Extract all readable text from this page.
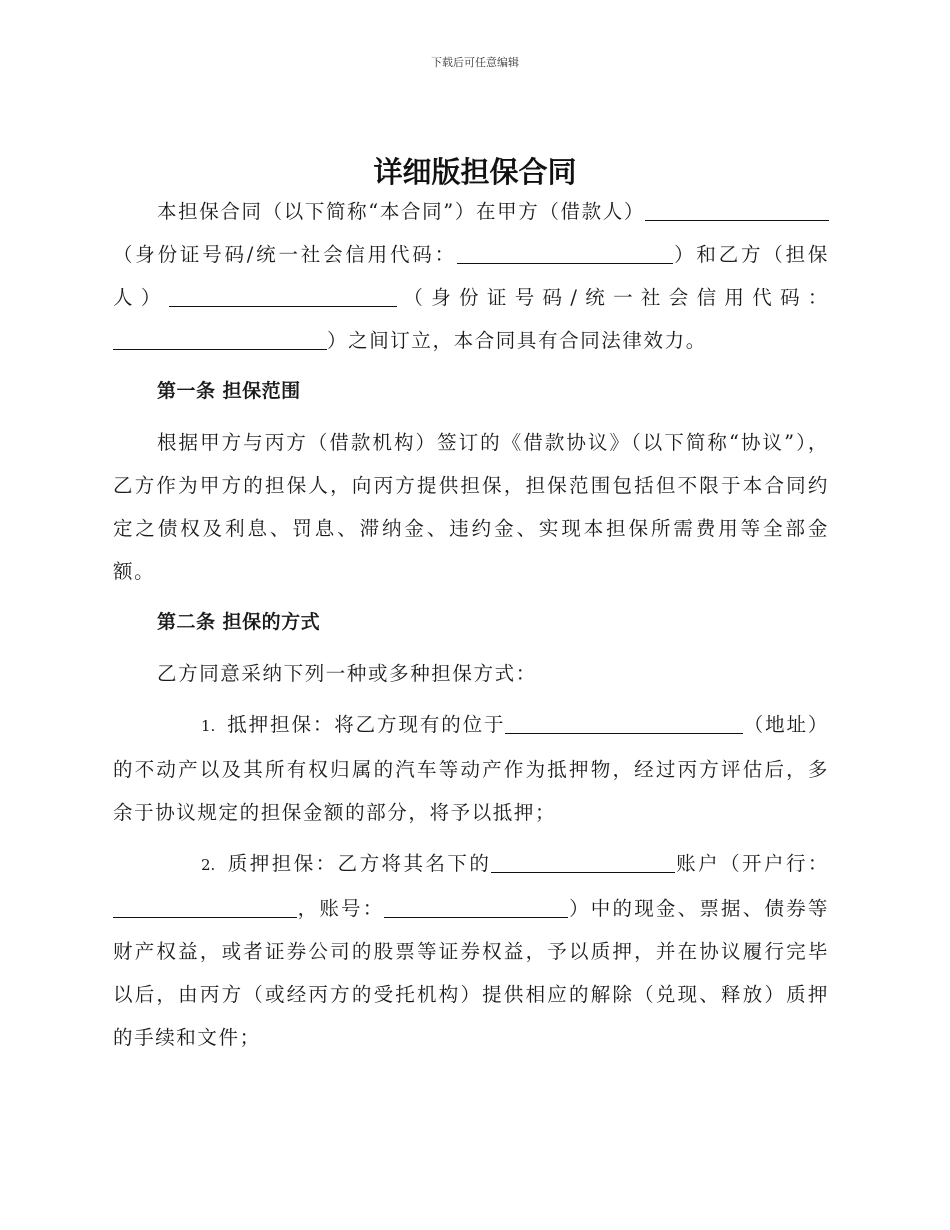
下载后可任意编辑
详细版担保合同

本担保合同（以下简称“本合同”）在甲方（借款人）（身份证号码/统一社会信用代码：	）和乙方（担保人）	（身份证号码/统一社会信用代码：）之间订立，本合同具有合同法律效力。

第一条 担保范围

根据甲方与丙方（借款机构）签订的《借款协议》（以下简称“协议”），乙方作为甲方的担保人，向丙方提供担保，担保范围包括但不限于本合同约定之债权及利息、罚息、滞纳金、违约金、实现本担保所需费用等全部金额。

第二条 担保的方式

乙方同意采纳下列一种或多种担保方式：

1. 抵押担保：将乙方现有的位于	（地址）的不动产以及其所有权归属的汽车等动产作为抵押物，经过丙方评估后，多余于协议规定的担保金额的部分，将予以抵押；

2. 质押担保：乙方将其名下的	账户（开户行：，账号：	）中的现金、票据、债券等财产权益，或者证券公司的股票等证券权益，予以质押，并在协议履行完毕以后，由丙方（或经丙方的受托机构）提供相应的解除（兑现、释放）质押的手续和文件；
